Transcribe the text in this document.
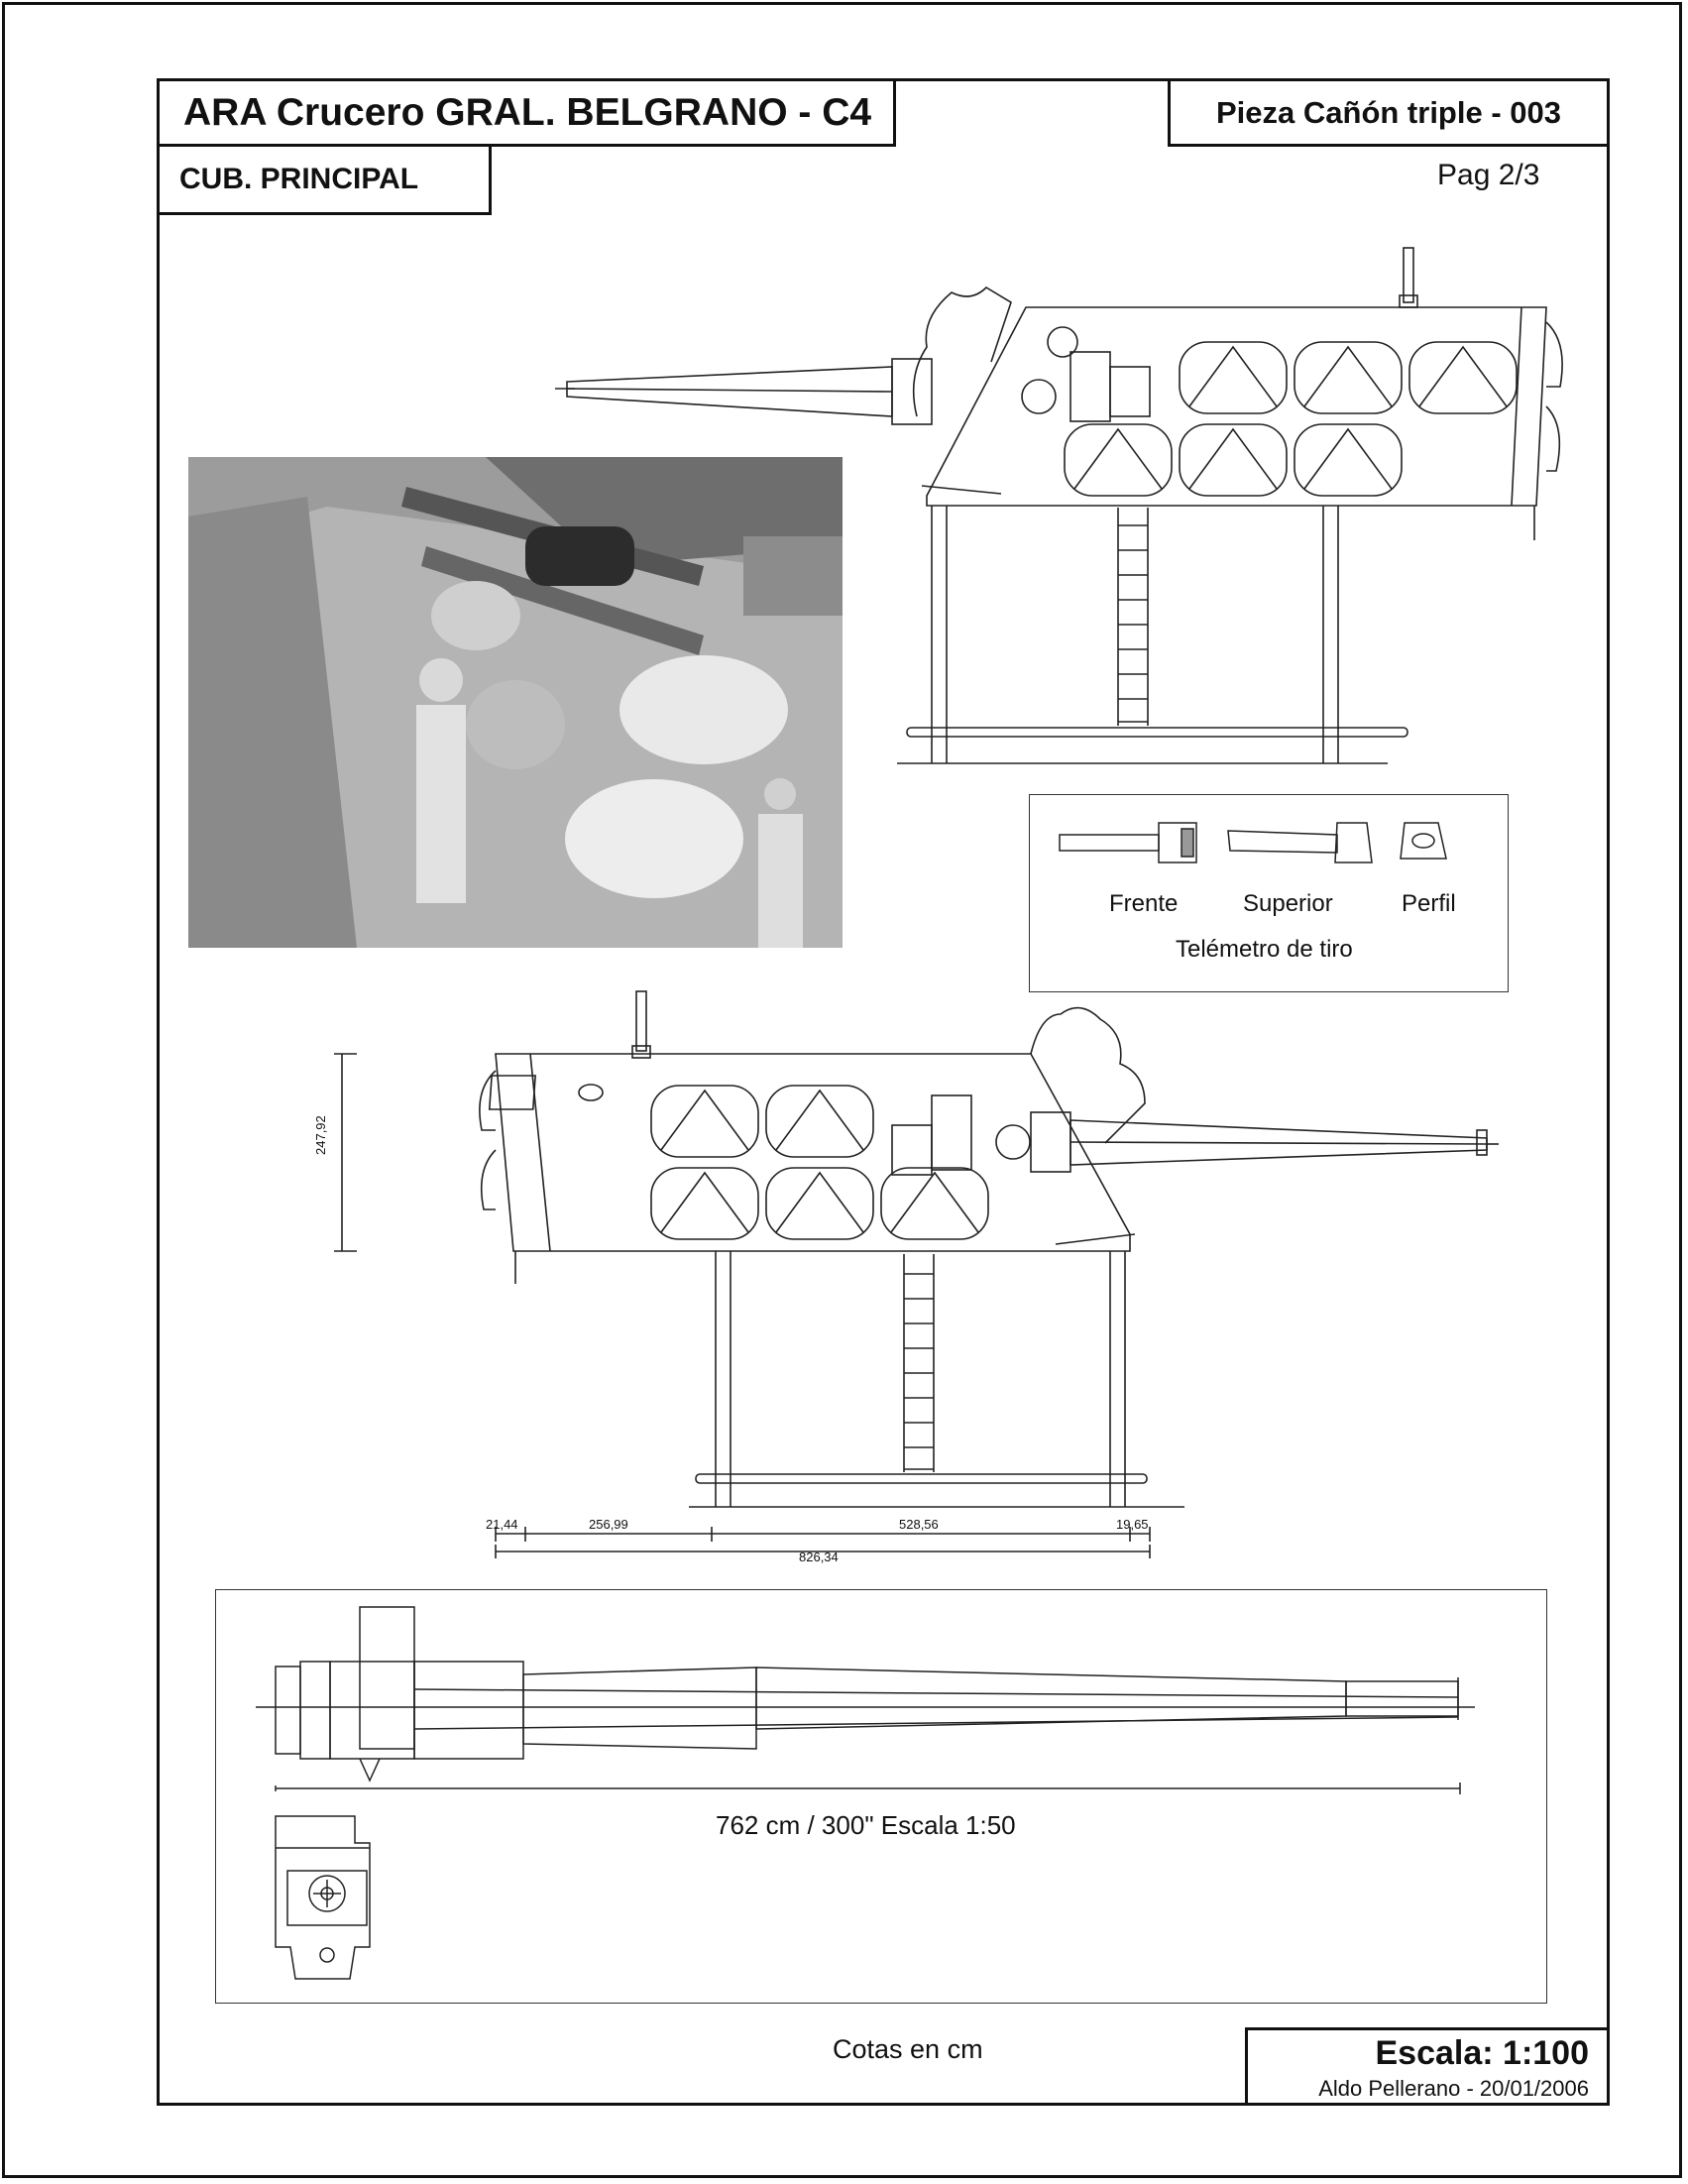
ARA Crucero GRAL. BELGRANO - C4	Pieza Cañón triple - 003
CUB. PRINCIPAL	Pag 2/3
Frente	Superior	Perfil
Telémetro de tiro
247,92
21,44	256,99	528,56	19,65
826,34
762 cm / 300" Escala 1:50
Cotas en cm	Escala: 1:100
Aldo Pellerano - 20/01/2006
